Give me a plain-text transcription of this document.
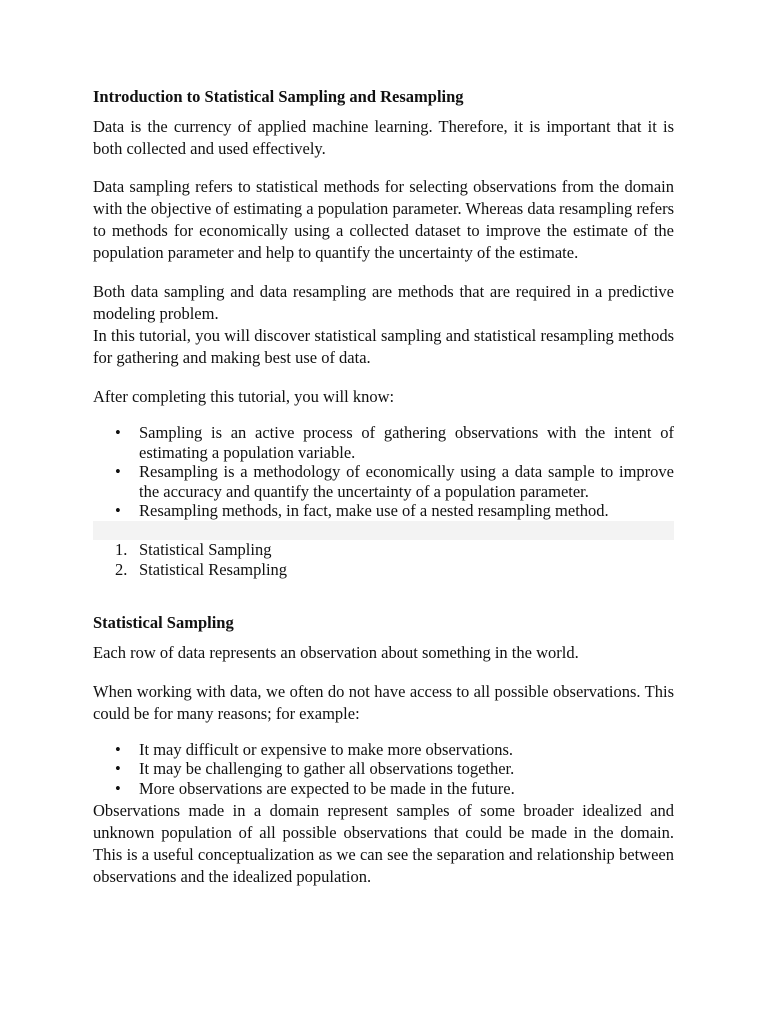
Introduction to Statistical Sampling and Resampling

Data is the currency of applied machine learning. Therefore, it is important that it is both collected and used effectively.

Data sampling refers to statistical methods for selecting observations from the domain with the objective of estimating a population parameter. Whereas data resampling refers to methods for economically using a collected dataset to improve the estimate of the population parameter and help to quantify the uncertainty of the estimate.

Both data sampling and data resampling are methods that are required in a predictive modeling problem.

In this tutorial, you will discover statistical sampling and statistical resampling methods for gathering and making best use of data.

After completing this tutorial, you will know:

• Sampling is an active process of gathering observations with the intent of estimating a population variable.
• Resampling is a methodology of economically using a data sample to improve the accuracy and quantify the uncertainty of a population parameter.
• Resampling methods, in fact, make use of a nested resampling method.
1. Statistical Sampling
2. Statistical Resampling
Statistical Sampling

Each row of data represents an observation about something in the world.

When working with data, we often do not have access to all possible observations. This could be for many reasons; for example:

• It may difficult or expensive to make more observations.
• It may be challenging to gather all observations together.
• More observations are expected to be made in the future.

Observations made in a domain represent samples of some broader idealized and unknown population of all possible observations that could be made in the domain. This is a useful conceptualization as we can see the separation and relationship between observations and the idealized population.
